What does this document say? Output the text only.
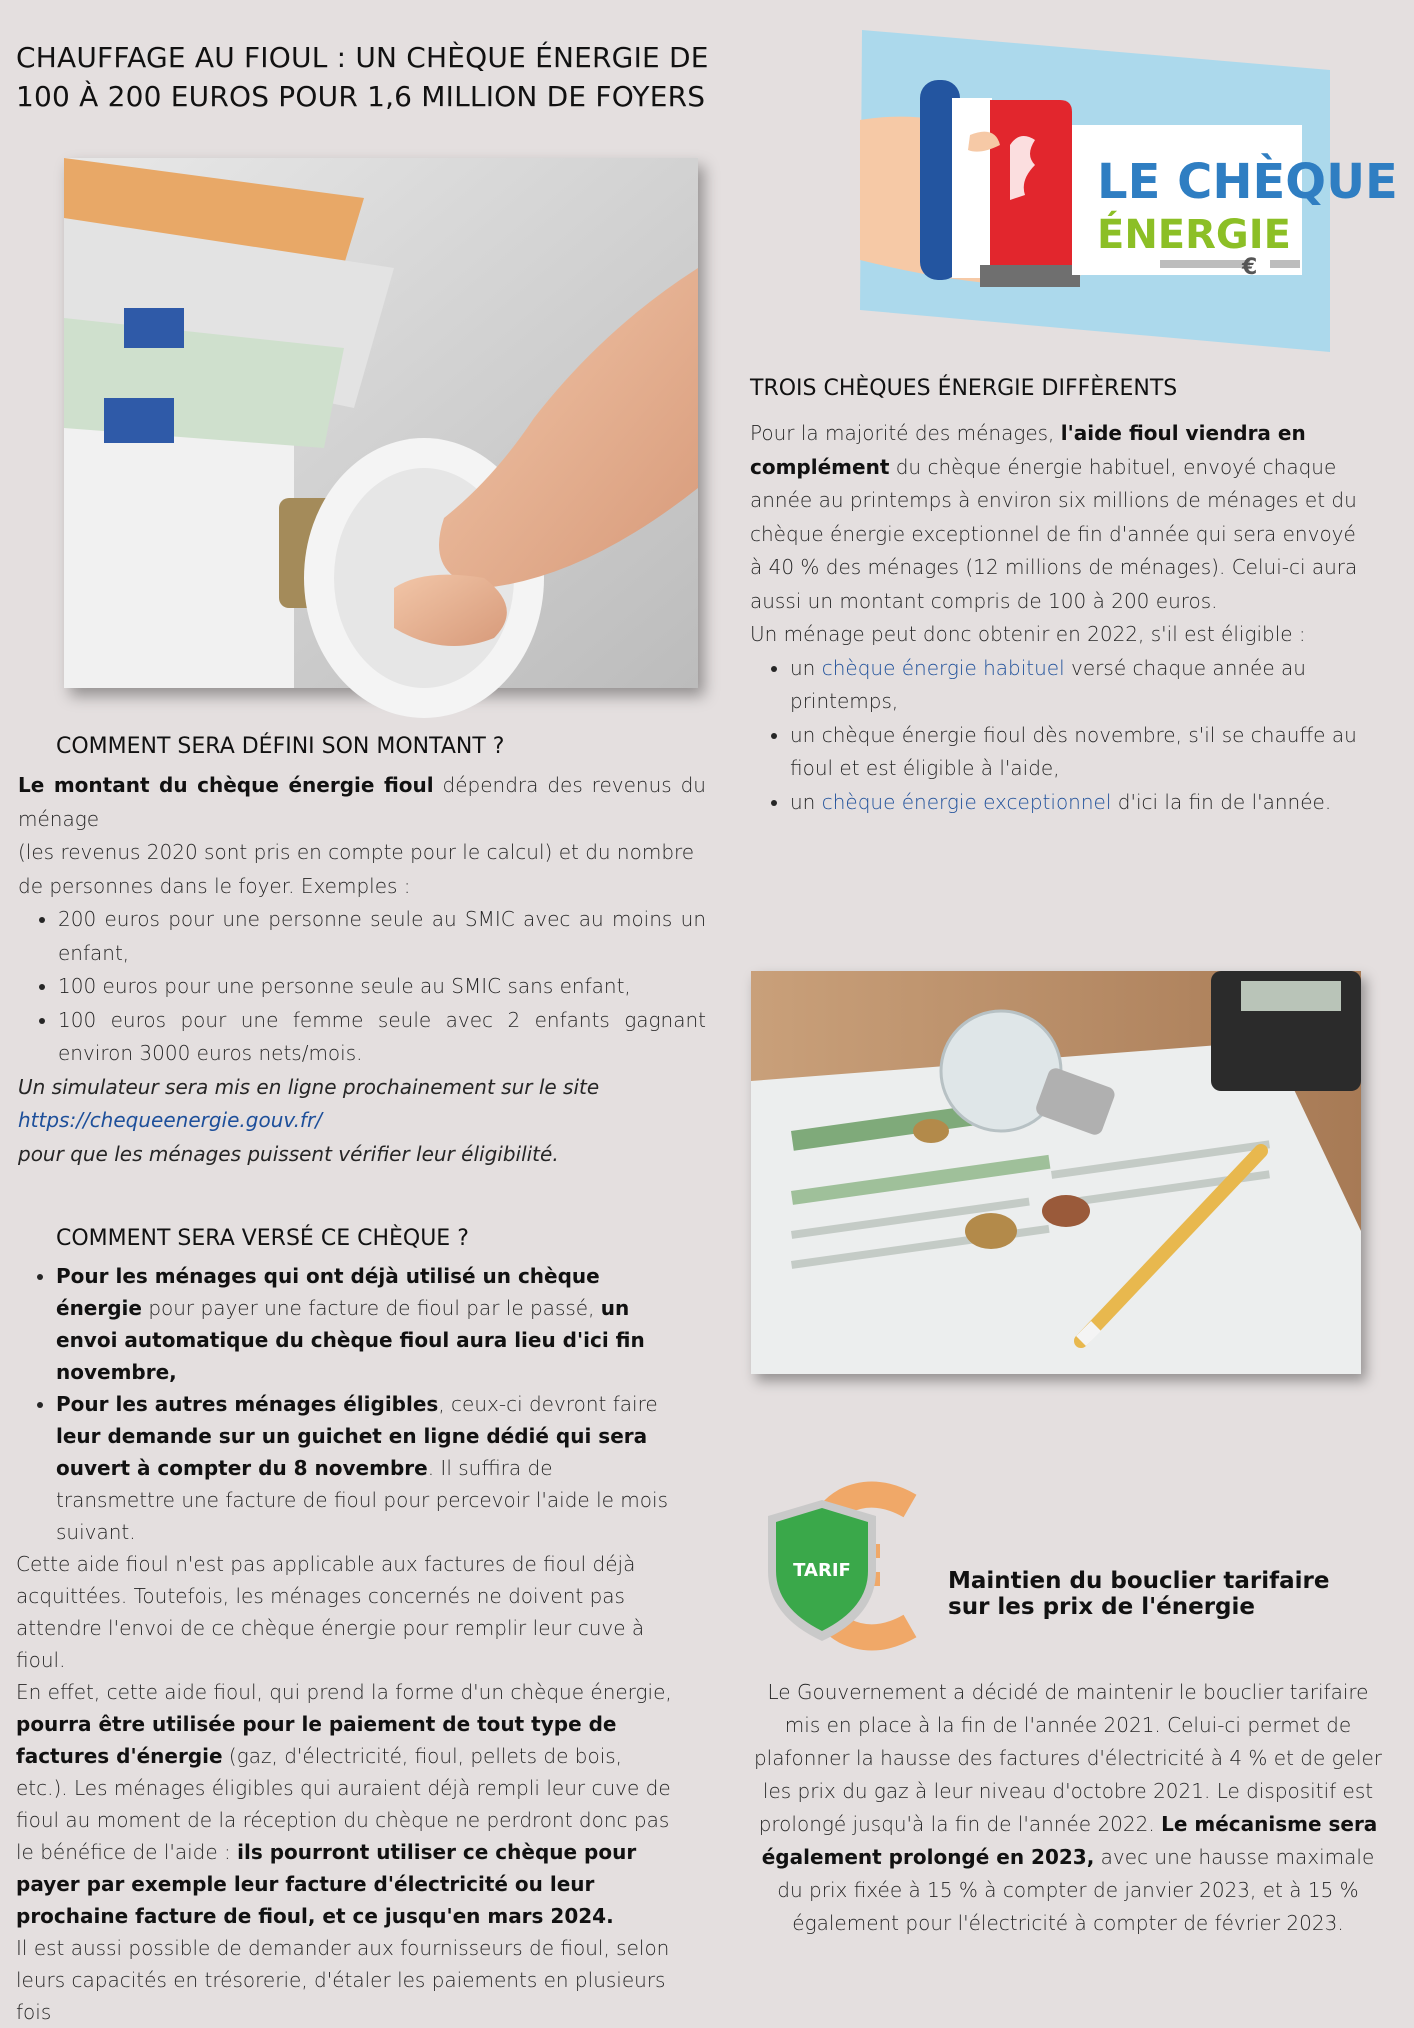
CHAUFFAGE AU FIOUL : UN CHÈQUE ÉNERGIE DE 100 À 200 EUROS POUR 1,6 MILLION DE FOYERS
LE CHÈQUE
ÉNERGIE
€
TROIS CHÈQUES ÉNERGIE DIFFÈRENTS
Pour la majorité des ménages, l'aide fioul viendra en complément du chèque énergie habituel, envoyé chaque année au printemps à environ six millions de ménages et du chèque énergie exceptionnel de fin d'année qui sera envoyé à 40 % des ménages (12 millions de ménages). Celui-ci aura aussi un montant compris de 100 à 200 euros.
Un ménage peut donc obtenir en 2022, s'il est éligible :
• un chèque énergie habituel versé chaque année au printemps,
• un chèque énergie fioul dès novembre, s'il se chauffe au fioul et est éligible à l'aide,
• un chèque énergie exceptionnel d'ici la fin de l'année.
COMMENT SERA DÉFINI SON MONTANT ?
Le montant du chèque énergie fioul dépendra des revenus du ménage
(les revenus 2020 sont pris en compte pour le calcul) et du nombre
de personnes dans le foyer. Exemples :
• 200 euros pour une personne seule au SMIC avec au moins un enfant,
• 100 euros pour une personne seule au SMIC sans enfant,
• 100 euros pour une femme seule avec 2 enfants gagnant environ 3000 euros nets/mois.
Un simulateur sera mis en ligne prochainement sur le site
https://chequeenergie.gouv.fr/
pour que les ménages puissent vérifier leur éligibilité.
COMMENT SERA VERSÉ CE CHÈQUE ?
• Pour les ménages qui ont déjà utilisé un chèque énergie pour payer une facture de fioul par le passé, un envoi automatique du chèque fioul aura lieu d'ici fin novembre,
• Pour les autres ménages éligibles, ceux-ci devront faire leur demande sur un guichet en ligne dédié qui sera ouvert à compter du 8 novembre. Il suffira de transmettre une facture de fioul pour percevoir l'aide le mois suivant.
Cette aide fioul n'est pas applicable aux factures de fioul déjà acquittées. Toutefois, les ménages concernés ne doivent pas attendre l'envoi de ce chèque énergie pour remplir leur cuve à fioul.
En effet, cette aide fioul, qui prend la forme d'un chèque énergie, pourra être utilisée pour le paiement de tout type de factures d'énergie (gaz, d'électricité, fioul, pellets de bois, etc.). Les ménages éligibles qui auraient déjà rempli leur cuve de fioul au moment de la réception du chèque ne perdront donc pas le bénéfice de l'aide : ils pourront utiliser ce chèque pour payer par exemple leur facture d'électricité ou leur prochaine facture de fioul, et ce jusqu'en mars 2024.
Il est aussi possible de demander aux fournisseurs de fioul, selon leurs capacités en trésorerie, d'étaler les paiements en plusieurs fois
TARIF	Maintien du bouclier tarifaire
sur les prix de l'énergie
Le Gouvernement a décidé de maintenir le bouclier tarifaire mis en place à la fin de l'année 2021. Celui-ci permet de plafonner la hausse des factures d'électricité à 4 % et de geler les prix du gaz à leur niveau d'octobre 2021. Le dispositif est prolongé jusqu'à la fin de l'année 2022. Le mécanisme sera également prolongé en 2023, avec une hausse maximale du prix fixée à 15 % à compter de janvier 2023, et à 15 % également pour l'électricité à compter de février 2023.
